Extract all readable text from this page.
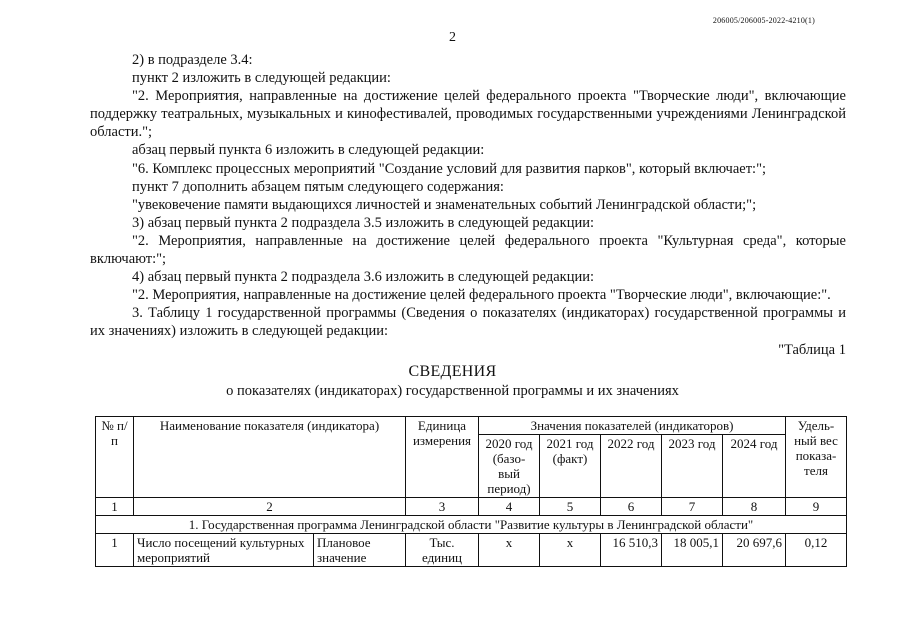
206005/206005-2022-4210(1)
2

2) в подразделе 3.4:

пункт 2 изложить в следующей редакции:

"2. Мероприятия, направленные на достижение целей федерального проекта "Творческие люди", включающие поддержку театральных, музыкальных и кинофестивалей, проводимых государственными учреждениями Ленинградской области.";

абзац первый пункта 6 изложить в следующей редакции:

"6. Комплекс процессных мероприятий "Создание условий для развития парков", который включает:";

пункт 7 дополнить абзацем пятым следующего содержания:

"увековечение памяти выдающихся личностей и знаменательных событий Ленинградской области;";

3) абзац первый пункта 2 подраздела 3.5 изложить в следующей редакции:

"2. Мероприятия, направленные на достижение целей федерального проекта "Культурная среда", которые включают:";

4) абзац первый пункта 2 подраздела 3.6 изложить в следующей редакции:

"2. Мероприятия, направленные на достижение целей федерального проекта "Творческие люди", включающие:".

3. Таблицу 1 государственной программы (Сведения о показателях (индикаторах) государственной программы и их значениях) изложить в следующей редакции:

"Таблица 1

СВЕДЕНИЯ
о показателях (индикаторах) государственной программы и их значениях
№ п/п	Наименование показателя (индикатора)		Единица измерения	Значения показателей (индикаторов)					Удель-ный вес показа-теля
				2020 год (базо-вый период)	2021 год (факт)	2022 год	2023 год	2024 год	
1	2		3	4	5	6	7	8	9
1. Государственная программа Ленинградской области "Развитие культуры в Ленинградской области"									
1	Число посещений культурных мероприятий	Плановое значение	Тыс. единиц	х	х	16 510,3	18 005,1	20 697,6	0,12
